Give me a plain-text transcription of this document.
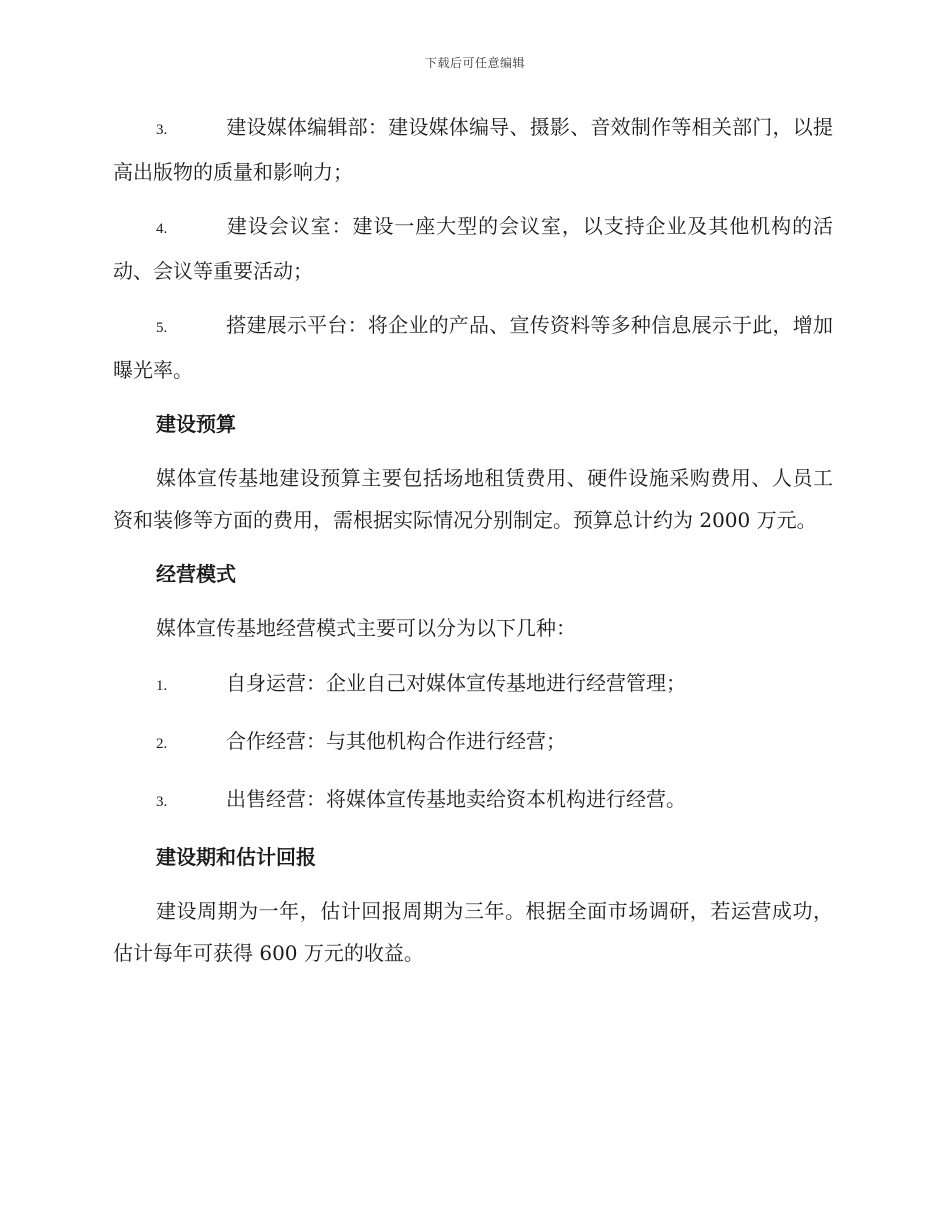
下载后可任意编辑

3.	建设媒体编辑部：建设媒体编导、摄影、音效制作等相关部门，以提高出版物的质量和影响力；

4.	建设会议室：建设一座大型的会议室，以支持企业及其他机构的活动、会议等重要活动；

5.	搭建展示平台：将企业的产品、宣传资料等多种信息展示于此，增加曝光率。

建设预算

媒体宣传基地建设预算主要包括场地租赁费用、硬件设施采购费用、人员工资和装修等方面的费用，需根据实际情况分别制定。预算总计约为 2000 万元。

经营模式

媒体宣传基地经营模式主要可以分为以下几种：

1.	自身运营：企业自己对媒体宣传基地进行经营管理；

2.	合作经营：与其他机构合作进行经营；

3.	出售经营：将媒体宣传基地卖给资本机构进行经营。

建设期和估计回报

建设周期为一年，估计回报周期为三年。根据全面市场调研，若运营成功，估计每年可获得 600 万元的收益。
